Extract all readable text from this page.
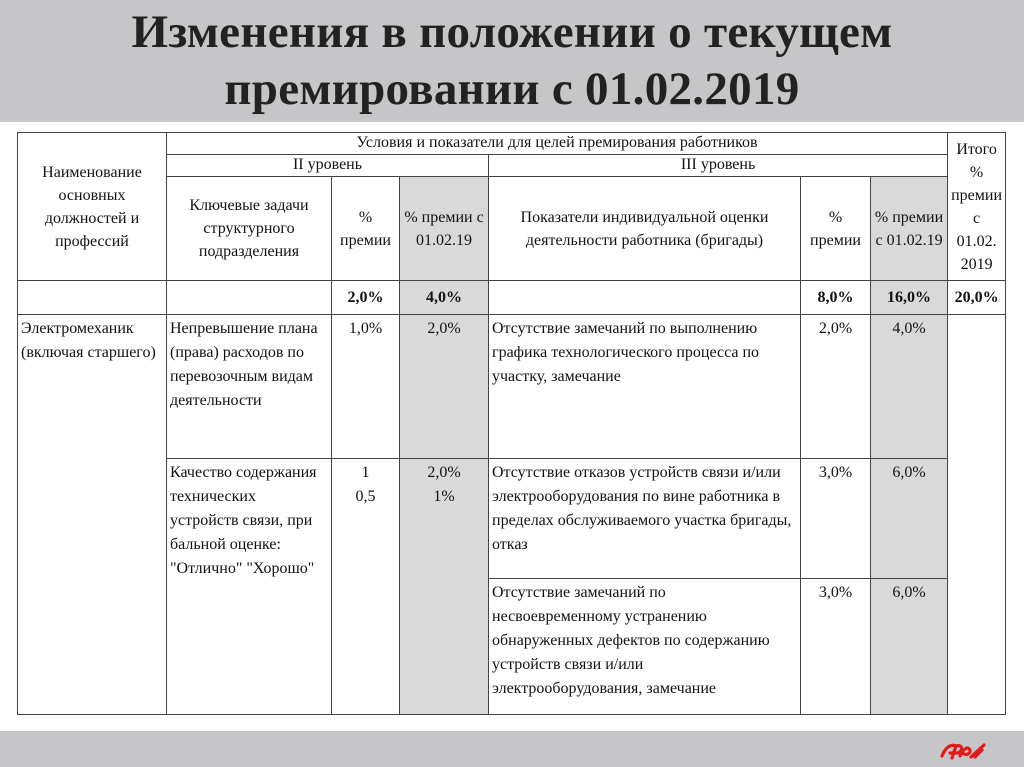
Изменения в положении о текущем
премировании с 01.02.2019
Наименование основных должностей и профессий	Условия и показатели для целей премирования работников						Итого % премии с 01.02. 2019
	II уровень			III уровень			
	Ключевые задачи структурного подразделения	% премии	% премии с 01.02.19	Показатели индивидуальной оценки деятельности работника (бригады)	% премии	% премии с 01.02.19	
		2,0%	4,0%		8,0%	16,0%	20,0%
Электромеханик (включая старшего)	Непревышение плана (права) расходов по перевозочным видам деятельности	1,0%	2,0%	Отсутствие замечаний по выполнению графика технологического процесса по участку, замечание	2,0%	4,0%	

	Качество содержания технических устройств связи, при бальной оценке: "Отлично" "Хорошо"	1 0,5	2,0% 1%	Отсутствие отказов устройств связи и/или электрооборудования по вине работника в пределах обслуживаемого участка бригады, отказ	3,0%	6,0%	
				Отсутствие замечаний по несвоевременному устранению обнаруженных дефектов по содержанию устройств связи и/или электрооборудования, замечание	3,0%	6,0%	
